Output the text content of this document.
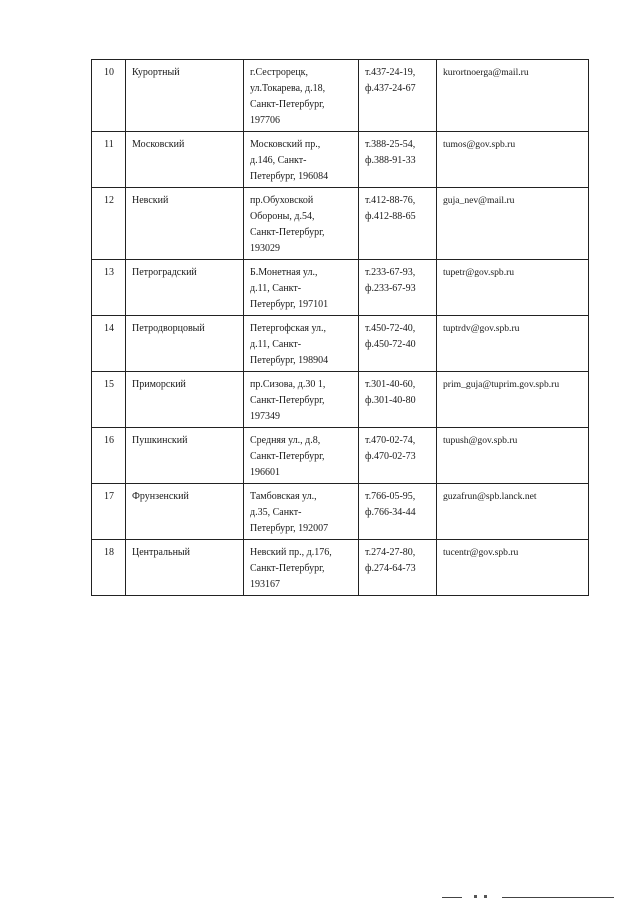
10	Курортный	г.Сестрорецк,
ул.Токарева, д.18,
Санкт-Петербург,
197706	т.437-24-19,
ф.437-24-67	kurortnoerga@mail.ru
11	Московский	Московский пр.,
д.146, Санкт-
Петербург, 196084	т.388-25-54,
ф.388-91-33	tumos@gov.spb.ru
12	Невский	пр.Обуховской
Обороны, д.54,
Санкт-Петербург,
193029	т.412-88-76,
ф.412-88-65	guja_nev@mail.ru
13	Петроградский	Б.Монетная ул.,
д.11, Санкт-
Петербург, 197101	т.233-67-93,
ф.233-67-93	tupetr@gov.spb.ru
14	Петродворцовый	Петергофская ул.,
д.11, Санкт-
Петербург, 198904	т.450-72-40,
ф.450-72-40	tuptrdv@gov.spb.ru
15	Приморский	пр.Сизова, д.30 1,
Санкт-Петербург,
197349	т.301-40-60,
ф.301-40-80	prim_guja@tuprim.gov.spb.ru
16	Пушкинский	Средняя ул., д.8,
Санкт-Петербург,
196601	т.470-02-74,
ф.470-02-73	tupush@gov.spb.ru
17	Фрунзенский	Тамбовская ул.,
д.35, Санкт-
Петербург, 192007	т.766-05-95,
ф.766-34-44	guzafrun@spb.lanck.net
18	Центральный	Невский пр., д.176,
Санкт-Петербург,
193167	т.274-27-80,
ф.274-64-73	tucentr@gov.spb.ru
